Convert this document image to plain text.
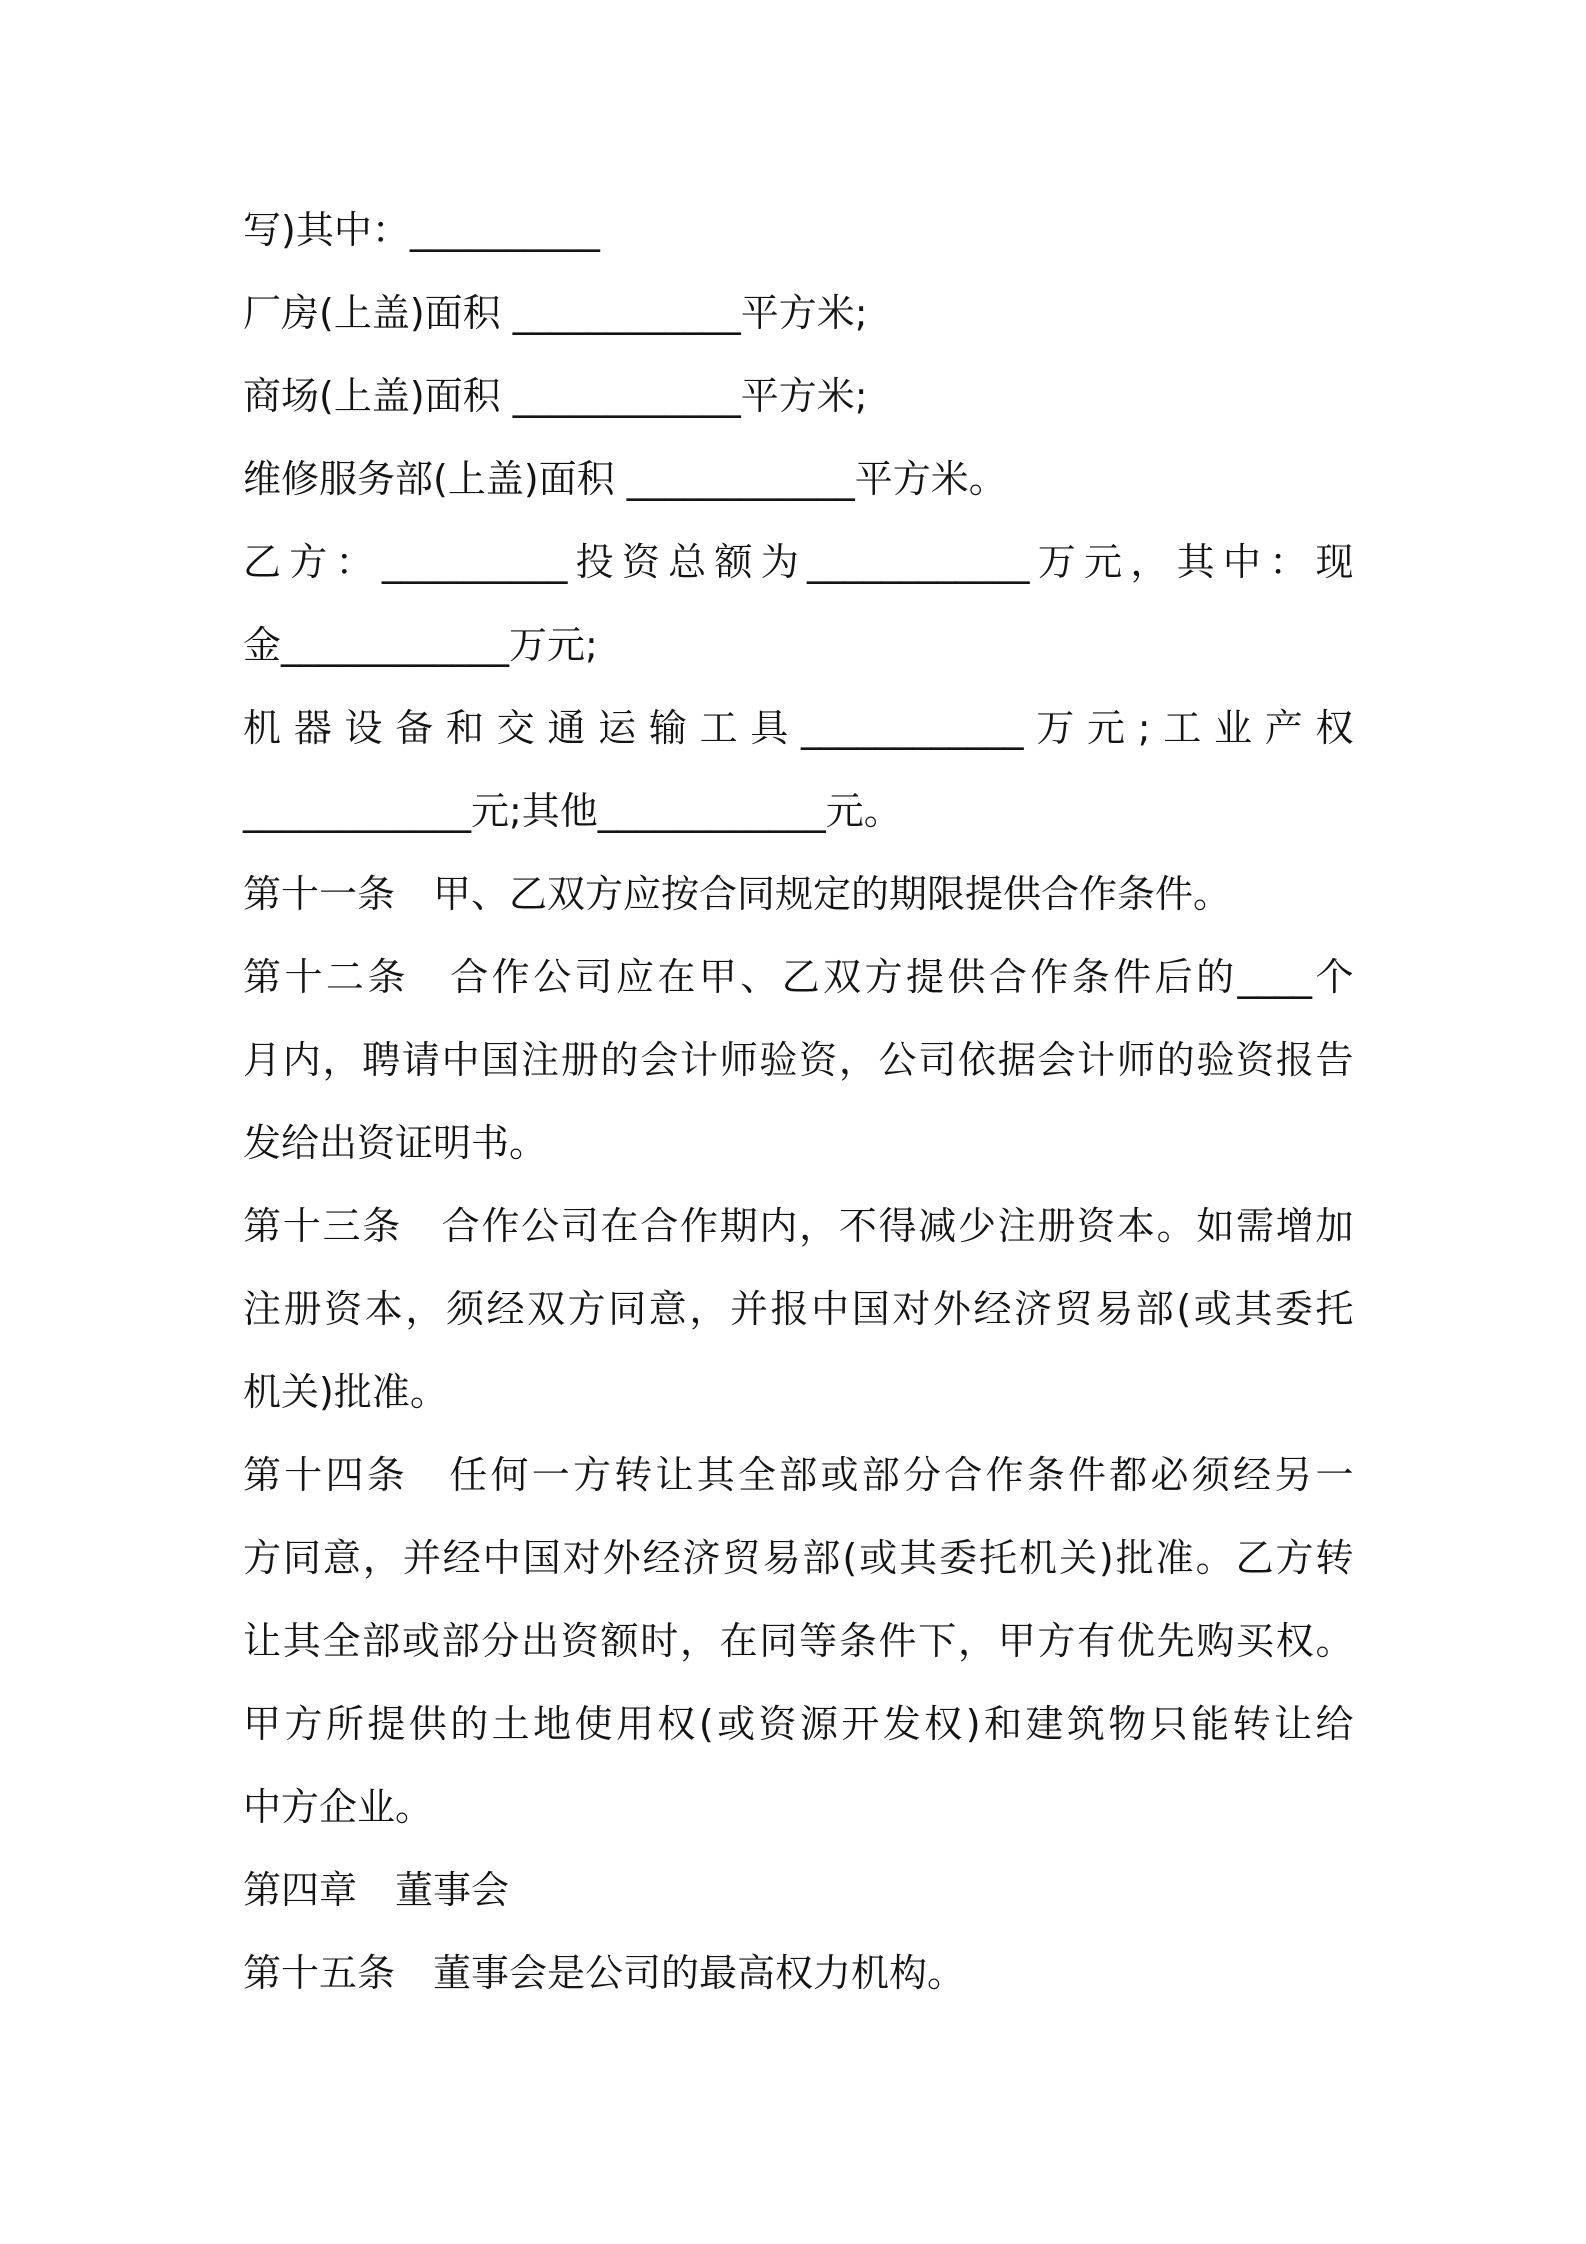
写)其中：__________
厂房(上盖)面积 ____________平方米;
商场(上盖)面积 ____________平方米;
维修服务部(上盖)面积 ____________平方米。
乙方：__________投资总额为____________万元，其中：现
金____________万元;
机器设备和交通运输工具____________万元;工业产权
____________元;其他____________元。
第十一条　甲、乙双方应按合同规定的期限提供合作条件。
第十二条　合作公司应在甲、乙双方提供合作条件后的____个
月内，聘请中国注册的会计师验资，公司依据会计师的验资报告
发给出资证明书。
第十三条　合作公司在合作期内，不得减少注册资本。如需增加
注册资本，须经双方同意，并报中国对外经济贸易部(或其委托
机关)批准。
第十四条　任何一方转让其全部或部分合作条件都必须经另一
方同意，并经中国对外经济贸易部(或其委托机关)批准。乙方转
让其全部或部分出资额时，在同等条件下，甲方有优先购买权。
甲方所提供的土地使用权(或资源开发权)和建筑物只能转让给
中方企业。
第四章　董事会
第十五条　董事会是公司的最高权力机构。
